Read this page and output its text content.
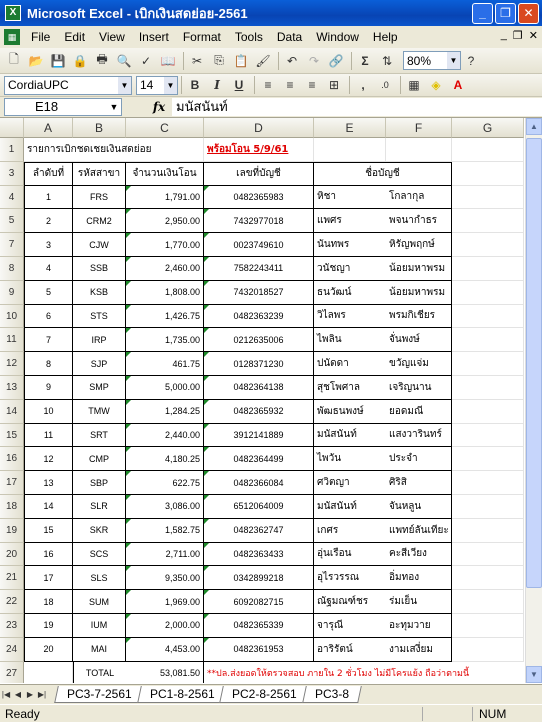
X Microsoft Excel - เบิกเงินสดย่อย-2561	_	❐	✕
▦	File	Edit	View	Insert	Format	Tools	Data	Window	Help	_ ❐ ✕
🗋 📂 💾 🔒 🖶 🔍 ✓ 📖	✂	⎘ 📋 🖌	↶ ↷ 🔗	Σ	⇅	80%	▼ ?
CordiaUPC	▼ 14	▼	B	I	U	≡	≡	≡	⊞	,	.0	▦ ◈	A
E18	▼	fx มนัสนันท์
A	B	C	D	E	F	G
1	รายการเบิกชดเชยเงินสดย่อย	พร้อมโอน 5/9/61
3	ลำดับที่	รหัสสาขา	จำนวนเงินโอน	เลขที่บัญชี	ชื่อบัญชี
4	1	FRS	1,791.00	0482365983	หิชา	โกลากุล
5	2	CRM2	2,950.00	7432977018	แพศร	พจนากำธร
7	3	CJW	1,770.00	0023749610	นันทพร	หิรัญพฤกษ์
8	4	SSB	2,460.00	7582243411	วนัชญา	น้อยมหาพรม
9	5	KSB	1,808.00	7432018527	ธนวัฒน์	น้อยมหาพรม
10	6	STS	1,426.75	0482363239	วิไลพร	พรมกิเชียร
11	7	IRP	1,735.00	0212635006	ไพลิน	จั่นพงษ์
12	8	SJP	461.75	0128371230	ปนัดดา	ขวัญแจ่ม
13	9	SMP	5,000.00	0482364138	สุชโพศาล	เจริญนาน
14	10	TMW	1,284.25	0482365932	พัฒธนพงษ์	ยอดมณี
15	11	SRT	2,440.00	3912141889	มนัสนันท์	แสงวารินทร์
16	12	CMP	4,180.25	0482364499	ไพวัน	ประจำ
17	13	SBP	622.75	0482366084	ศวิตญา	ศิริสิ
18	14	SLR	3,086.00	6512064009	มนัสนันท์	จันหลูน
19	15	SKR	1,582.75	0482362747	เกศร	แพทย์ลันเทียะ
20	16	SCS	2,711.00	0482363433	อุ่นเรือน	คะสีเวียง
21	17	SLS	9,350.00	0342899218	อุไรวรรณ	อิ่มทอง
22	18	SUM	1,969.00	6092082715	ณัฐมณฑ์ชร	ร่มเย็น
23	19	IUM	2,000.00	0482365339	จารุณี	อะทุมวาย
24	20	MAI	4,453.00	0482361953	อาริรัตน์	งามเสงี่ยม
27	TOTAL	53,081.50 **ปล.ส่งยอดให้ตรวจสอบ ภายใน 2 ชั่วโมง ไม่มีโครแย้ง ถือว่าตามนี้
▲
▼
|◀ ◀ ▶ ▶|	PC3-7-2561	PC1-8-2561	PC2-8-2561	PC3-8
Ready	NUM
